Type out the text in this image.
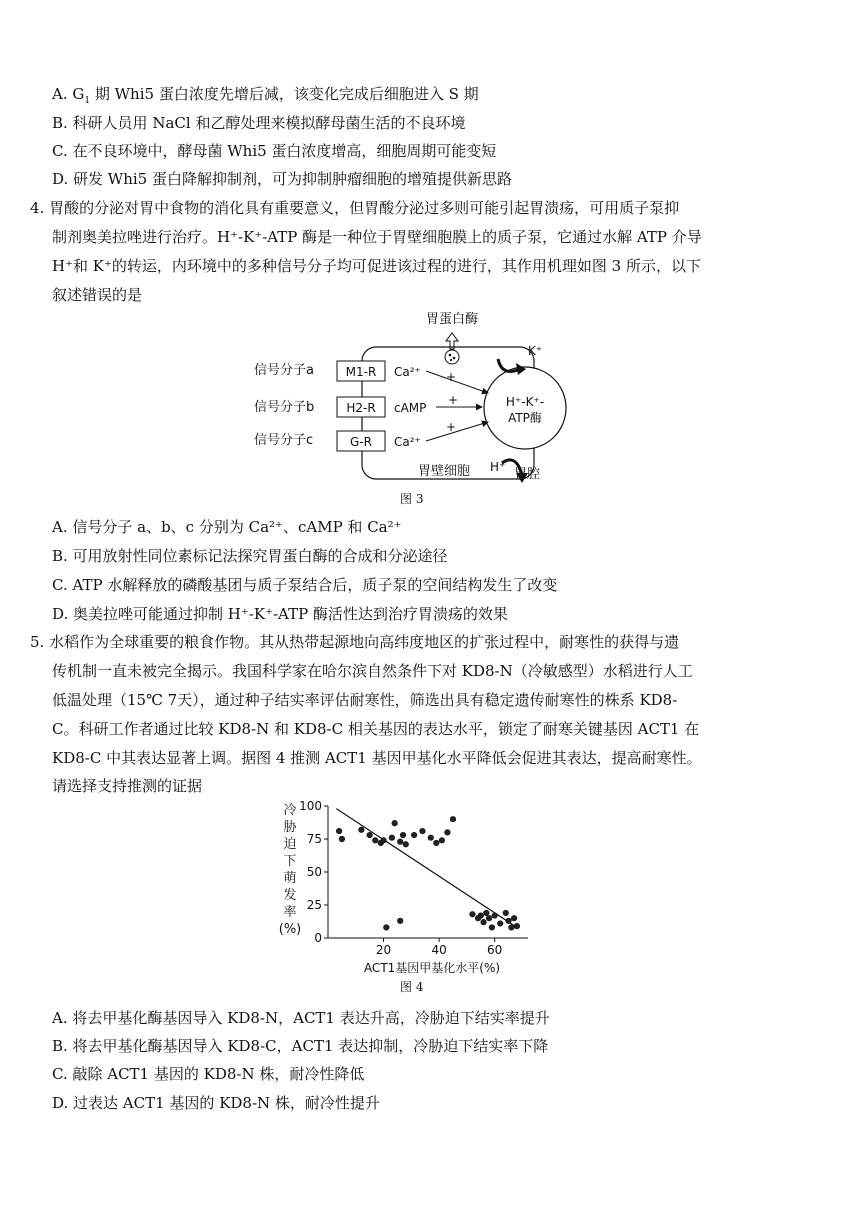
A. $G_1$ 期 Whi5 蛋白浓度先增后减，该变化完成后细胞进入 S 期
B. 科研人员用 NaCl 和乙醇处理来模拟酵母菌生活的不良环境
C. 在不良环境中，酵母菌 Whi5 蛋白浓度增高，细胞周期可能变短
D. 研发 Whi5 蛋白降解抑制剂，可为抑制肿瘤细胞的增殖提供新思路
4. 胃酸的分泌对胃中食物的消化具有重要意义，但胃酸分泌过多则可能引起胃溃疡，可用质子泵抑
制剂奥美拉唑进行治疗。H⁺-K⁺-ATP 酶是一种位于胃壁细胞膜上的质子泵，它通过水解 ATP 介导
H⁺和 K⁺的转运，内环境中的多种信号分子均可促进该过程的进行，其作用机理如图 3 所示，以下
叙述错误的是
胃蛋白酶
H⁺-K⁺-
ATP酶
信号分子a
信号分子b
信号分子c
M1-R
H2-R
G-R
Ca²⁺
cAMP
Ca²⁺
+
+
+
K⁺
H⁺
胃壁细胞	胃腔
图 3
A. 信号分子 a、b、c 分别为 Ca²⁺、cAMP 和 Ca²⁺
B. 可用放射性同位素标记法探究胃蛋白酶的合成和分泌途径
C. ATP 水解释放的磷酸基团与质子泵结合后，质子泵的空间结构发生了改变
D. 奥美拉唑可能通过抑制 H⁺-K⁺-ATP 酶活性达到治疗胃溃疡的效果
5. 水稻作为全球重要的粮食作物。其从热带起源地向高纬度地区的扩张过程中，耐寒性的获得与遗
传机制一直未被完全揭示。我国科学家在哈尔滨自然条件下对 KD8-N（冷敏感型）水稻进行人工
低温处理（15℃ 7天），通过种子结实率评估耐寒性，筛选出具有稳定遗传耐寒性的株系 KD8-
C。科研工作者通过比较 KD8-N 和 KD8-C 相关基因的表达水平，锁定了耐寒关键基因 ACT1 在
KD8-C 中其表达显著上调。据图 4 推测 ACT1 基因甲基化水平降低会促进其表达，提高耐寒性。
请选择支持推测的证据
冷
胁
迫
下
萌
发
率
(%)
0
25
50
75
100
20	40	60
ACT1基因甲基化水平(%)
图 4
A. 将去甲基化酶基因导入 KD8-N，ACT1 表达升高，冷胁迫下结实率提升
B. 将去甲基化酶基因导入 KD8-C，ACT1 表达抑制，冷胁迫下结实率下降
C. 敲除 ACT1 基因的 KD8-N 株，耐冷性降低
D. 过表达 ACT1 基因的 KD8-N 株，耐冷性提升
